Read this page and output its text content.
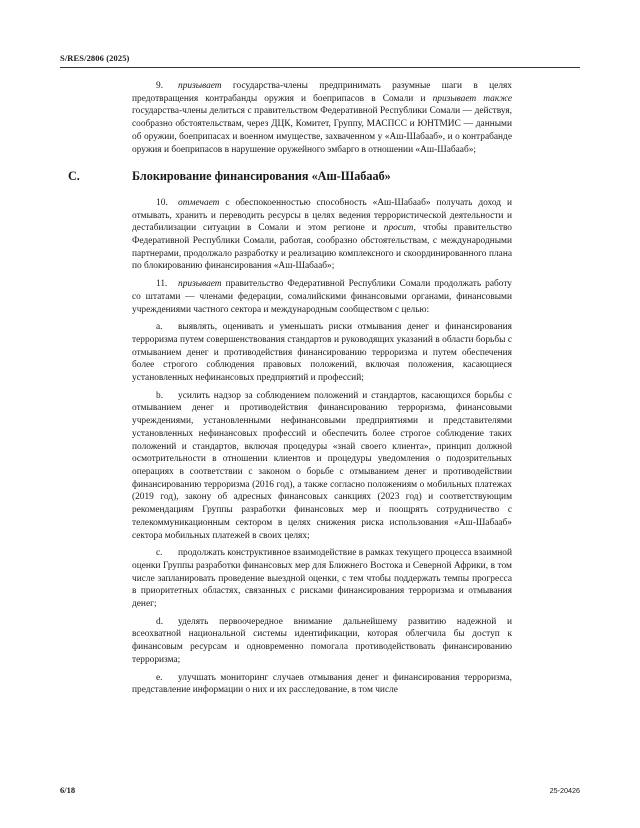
S/RES/2806 (2025)

9. призывает государства-члены предпринимать разумные шаги в целях предотвращения контрабанды оружия и боеприпасов в Сомали и призывает также государства-члены делиться с правительством Федеративной Республики Сомали — действуя, сообразно обстоятельствам, через ДЦК, Комитет, Группу, МАСПСС и ЮНТМИС — данными об оружии, боеприпасах и военном имуществе, захваченном у «Аш-Шабааб», и о контрабанде оружия и боеприпасов в нарушение оружейного эмбарго в отношении «Аш-Шабааб»;

C.	Блокирование финансирования «Аш-Шабааб»

10. отмечает с обеспокоенностью способность «Аш-Шабааб» получать доход и отмывать, хранить и переводить ресурсы в целях ведения террористической деятельности и дестабилизации ситуации в Сомали и этом регионе и просит, чтобы правительство Федеративной Республики Сомали, работая, сообразно обстоятельствам, с международными партнерами, продолжало разработку и реализацию комплексного и скоординированного плана по блокированию финансирования «Аш-Шабааб»;

11. призывает правительство Федеративной Республики Сомали продолжать работу со штатами — членами федерации, сомалийскими финансовыми органами, финансовыми учреждениями частного сектора и международным сообществом с целью:

a. выявлять, оценивать и уменьшать риски отмывания денег и финансирования терроризма путем совершенствования стандартов и руководящих указаний в области борьбы с отмыванием денег и противодействия финансированию терроризма и путем обеспечения более строгого соблюдения правовых положений, включая положения, касающиеся установленных нефинансовых предприятий и профессий;

b. усилить надзор за соблюдением положений и стандартов, касающихся борьбы с отмыванием денег и противодействия финансированию терроризма, финансовыми учреждениями, установленными нефинансовыми предприятиями и представителями установленных нефинансовых профессий и обеспечить более строгое соблюдение таких положений и стандартов, включая процедуры «знай своего клиента», принцип должной осмотрительности в отношении клиентов и процедуры уведомления о подозрительных операциях в соответствии с законом о борьбе с отмыванием денег и противодействии финансированию терроризма (2016 год), а также согласно положениям о мобильных платежах (2019 год), закону об адресных финансовых санкциях (2023 год) и соответствующим рекомендациям Группы разработки финансовых мер и поощрять сотрудничество с телекоммуникационным сектором в целях снижения риска использования «Аш-Шабааб» сектора мобильных платежей в своих целях;

c. продолжать конструктивное взаимодействие в рамках текущего процесса взаимной оценки Группы разработки финансовых мер для Ближнего Востока и Северной Африки, в том числе запланировать проведение выездной оценки, с тем чтобы поддержать темпы прогресса в приоритетных областях, связанных с рисками финансирования терроризма и отмывания денег;

d. уделять первоочередное внимание дальнейшему развитию надежной и всеохватной национальной системы идентификации, которая облегчила бы доступ к финансовым ресурсам и одновременно помогала противодействовать финансированию терроризма;

e. улучшать мониторинг случаев отмывания денег и финансирования терроризма, представление информации о них и их расследование, в том числе

6/18	25-20426
